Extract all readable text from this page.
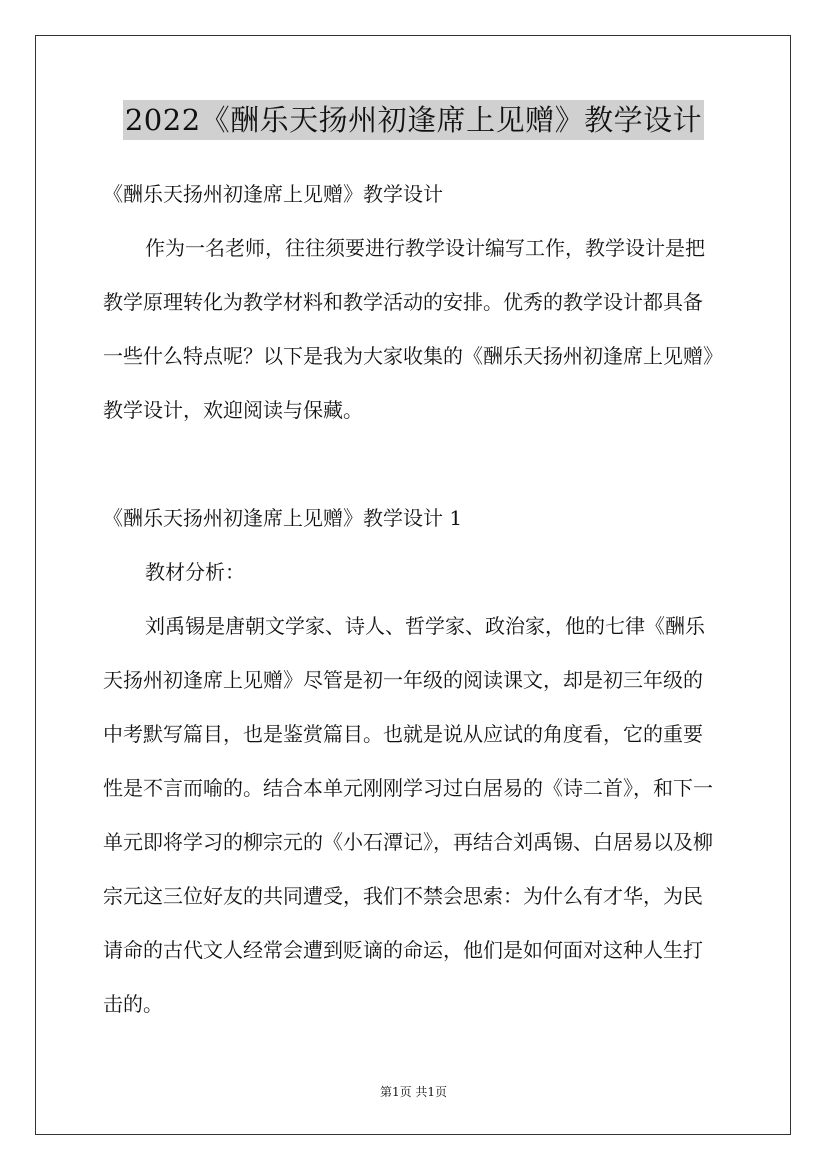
2022《酬乐天扬州初逢席上见赠》教学设计
《酬乐天扬州初逢席上见赠》教学设计
作为一名老师，往往须要进行教学设计编写工作，教学设计是把
教学原理转化为教学材料和教学活动的安排。优秀的教学设计都具备
一些什么特点呢？以下是我为大家收集的《酬乐天扬州初逢席上见赠》
教学设计，欢迎阅读与保藏。
《酬乐天扬州初逢席上见赠》教学设计 1
教材分析：
刘禹锡是唐朝文学家、诗人、哲学家、政治家，他的七律《酬乐
天扬州初逢席上见赠》尽管是初一年级的阅读课文，却是初三年级的
中考默写篇目，也是鉴赏篇目。也就是说从应试的角度看，它的重要
性是不言而喻的。结合本单元刚刚学习过白居易的《诗二首》，和下一
单元即将学习的柳宗元的《小石潭记》，再结合刘禹锡、白居易以及柳
宗元这三位好友的共同遭受，我们不禁会思索：为什么有才华，为民
请命的古代文人经常会遭到贬谪的命运，他们是如何面对这种人生打
击的。
第1页 共1页
